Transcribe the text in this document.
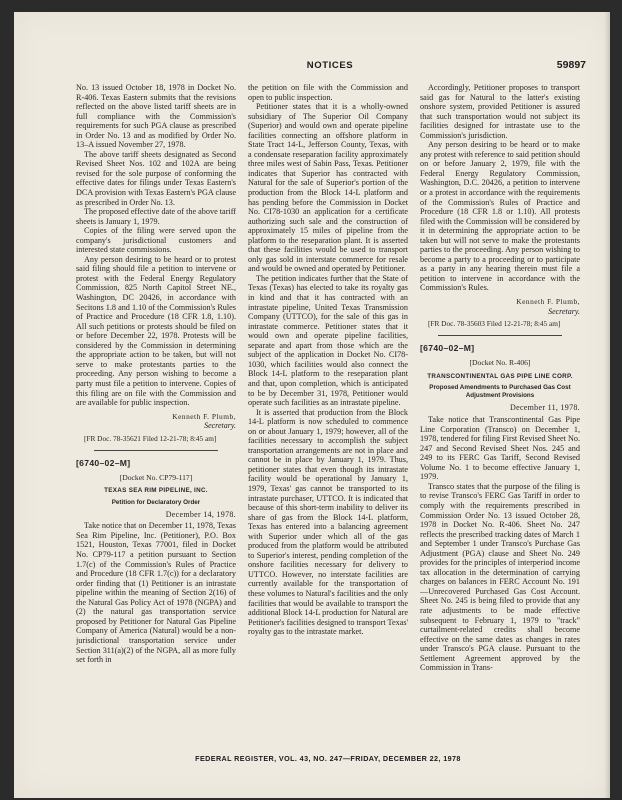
NOTICES	59897

No. 13 issued October 18, 1978 in Docket No. R-406. Texas Eastern submits that the revisions reflected on the above listed tariff sheets are in full compliance with the Commission's requirements for such PGA clause as prescribed in Order No. 13 and as modified by Order No. 13–A issued November 27, 1978.

The above tariff sheets designated as Second Revised Sheet Nos. 102 and 102A are being revised for the sole purpose of conforming the effective dates for filings under Texas Eastern's DCA provision with Texas Eastern's PGA clause as prescribed in Order No. 13.

The proposed effective date of the above tariff sheets is January 1, 1979.

Copies of the filing were served upon the company's jurisdictional customers and interested state commissions.

Any person desiring to be heard or to protest said filing should file a petition to intervene or protest with the Federal Energy Regulatory Commission, 825 North Capitol Street NE., Washington, DC 20426, in accordance with Secitons 1.8 and 1.10 of the Commission's Rules of Practice and Procedure (18 CFR 1.8, 1.10). All such petitions or protests should be filed on or before December 22, 1978. Protests will be considered by the Commission in determining the appropriate action to be taken, but will not serve to make protestants parties to the proceeding. Any person wishing to become a party must file a petition to intervene. Copies of this filing are on file with the Commission and are available for public inspection.

Kenneth F. Plumb,
Secretary.

[FR Doc. 78-35621 Filed 12-21-78; 8:45 am]

[6740–02–M]
[Docket No. CP79-117]
TEXAS SEA RIM PIPELINE, INC.
Petition for Declaratory Order
December 14, 1978.

Take notice that on December 11, 1978, Texas Sea Rim Pipeline, Inc. (Petitioner), P.O. Box 1521, Houston, Texas 77001, filed in Docket No. CP79-117 a petition pursuant to Section 1.7(c) of the Commission's Rules of Practice and Procedure (18 CFR 1.7(c)) for a declaratory order finding that (1) Petitioner is an intrastate pipeline within the meaning of Section 2(16) of the Natural Gas Policy Act of 1978 (NGPA) and (2) the natural gas transportation service proposed by Petitioner for Natural Gas Pipeline Company of America (Natural) would be a non-jurisdictional transportation service under Section 311(a)(2) of the NGPA, all as more fully set forth in

the petition on file with the Commission and open to public inspection.

Petitioner states that it is a wholly-owned subsidiary of The Superior Oil Company (Superior) and would own and operate pipeline facilities connecting an offshore platform in State Tract 14-L, Jefferson County, Texas, with a condensate reseparation facility approximately three miles west of Sabin Pass, Texas. Petitioner indicates that Superior has contracted with Natural for the sale of Superior's portion of the production from the Block 14-L platform and has pending before the Commission in Docket No. CI78-1030 an application for a certificate authorizing such sale and the construction of approximately 15 miles of pipeline from the platform to the reseparation plant. It is asserted that these facilities would be used to transport only gas sold in interstate commerce for resale and would be owned and operated by Petitioner.

The petition indicates further that the State of Texas (Texas) has elected to take its royalty gas in kind and that it has contracted with an intrastate pipeline, United Texas Transmission Company (UTTCO), for the sale of this gas in intrastate commerce. Petitioner states that it would own and operate pipeline facilities, separate and apart from those which are the subject of the application in Docket No. CI78-1030, which facilities would also connect the Block 14-L platform to the reseparation plant and that, upon completion, which is anticipated to be by December 31, 1978, Petitioner would operate such facilities as an intrastate pipeline.

It is asserted that production from the Block 14-L platform is now scheduled to commence on or about January 1, 1979; however, all of the facilities necessary to accomplish the subject transportation arrangements are not in place and cannot be in place by January 1, 1979. Thus, petitioner states that even though its intrastate facility would be operational by January 1, 1979, Texas' gas cannot be transported to its intrastate purchaser, UTTCO. It is indicated that because of this short-term inability to deliver its share of gas from the Block 14-L platform, Texas has entered into a balancing agreement with Superior under which all of the gas produced from the platform would be attributed to Superior's interest, pending completion of the onshore facilities necessary for delivery to UTTCO. However, no interstate facilities are currently available for the transportation of these volumes to Natural's facilities and the only facilities that would be available to transport the additional Block 14-L production for Natural are Petitioner's facilities designed to transport Texas' royalty gas to the intrastate market.

Accordingly, Petitioner proposes to transport said gas for Natural to the latter's existing onshore system, provided Petitioner is assured that such transportation would not subject its facilities designed for intrastate use to the Commission's jurisdiction.

Any person desiring to be heard or to make any protest with reference to said petition should on or before January 2, 1979, file with the Federal Energy Regulatory Commission, Washington, D.C. 20426, a petition to intervene or a protest in accordance with the requirements of the Commission's Rules of Practice and Procedure (18 CFR 1.8 or 1.10). All protests filed with the Commission will be considered by it in determining the appropriate action to be taken but will not serve to make the protestants parties to the proceeding. Any person wishing to become a party to a proceeding or to participate as a party in any hearing therein must file a petition to intervene in accordance with the Commission's Rules.

Kenneth F. Plumb,
Secretary.

[FR Doc. 78-35603 Filed 12-21-78; 8:45 am]

[6740–02–M]
[Docket No. R-406]
TRANSCONTINENTAL GAS PIPE LINE CORP.
Proposed Amendments to Purchased Gas Cost Adjustment Provisions
December 11, 1978.

Take notice that Transcontinental Gas Pipe Line Corporation (Transco) on December 1, 1978, tendered for filing First Revised Sheet No. 247 and Second Revised Sheet Nos. 245 and 249 to its FERC Gas Tariff, Second Revised Volume No. 1 to become effective January 1, 1979.

Transco states that the purpose of the filing is to revise Transco's FERC Gas Tariff in order to comply with the requirements prescribed in Commission Order No. 13 issued October 28, 1978 in Docket No. R-406. Sheet No. 247 reflects the prescribed tracking dates of March 1 and September 1 under Transco's Purchase Gas Adjustment (PGA) clause and Sheet No. 249 provides for the principles of interperiod income tax allocation in the determination of carrying charges on balances in FERC Account No. 191—Unrecovered Purchased Gas Cost Account. Sheet No. 245 is being filed to provide that any rate adjustments to be made effective subsequent to February 1, 1979 to "track" curtailment-related credits shall become effective on the same dates as changes in rates under Transco's PGA clause. Pursuant to the Settlement Agreement approved by the Commission in Trans-

FEDERAL REGISTER, VOL. 43, NO. 247—FRIDAY, DECEMBER 22, 1978
